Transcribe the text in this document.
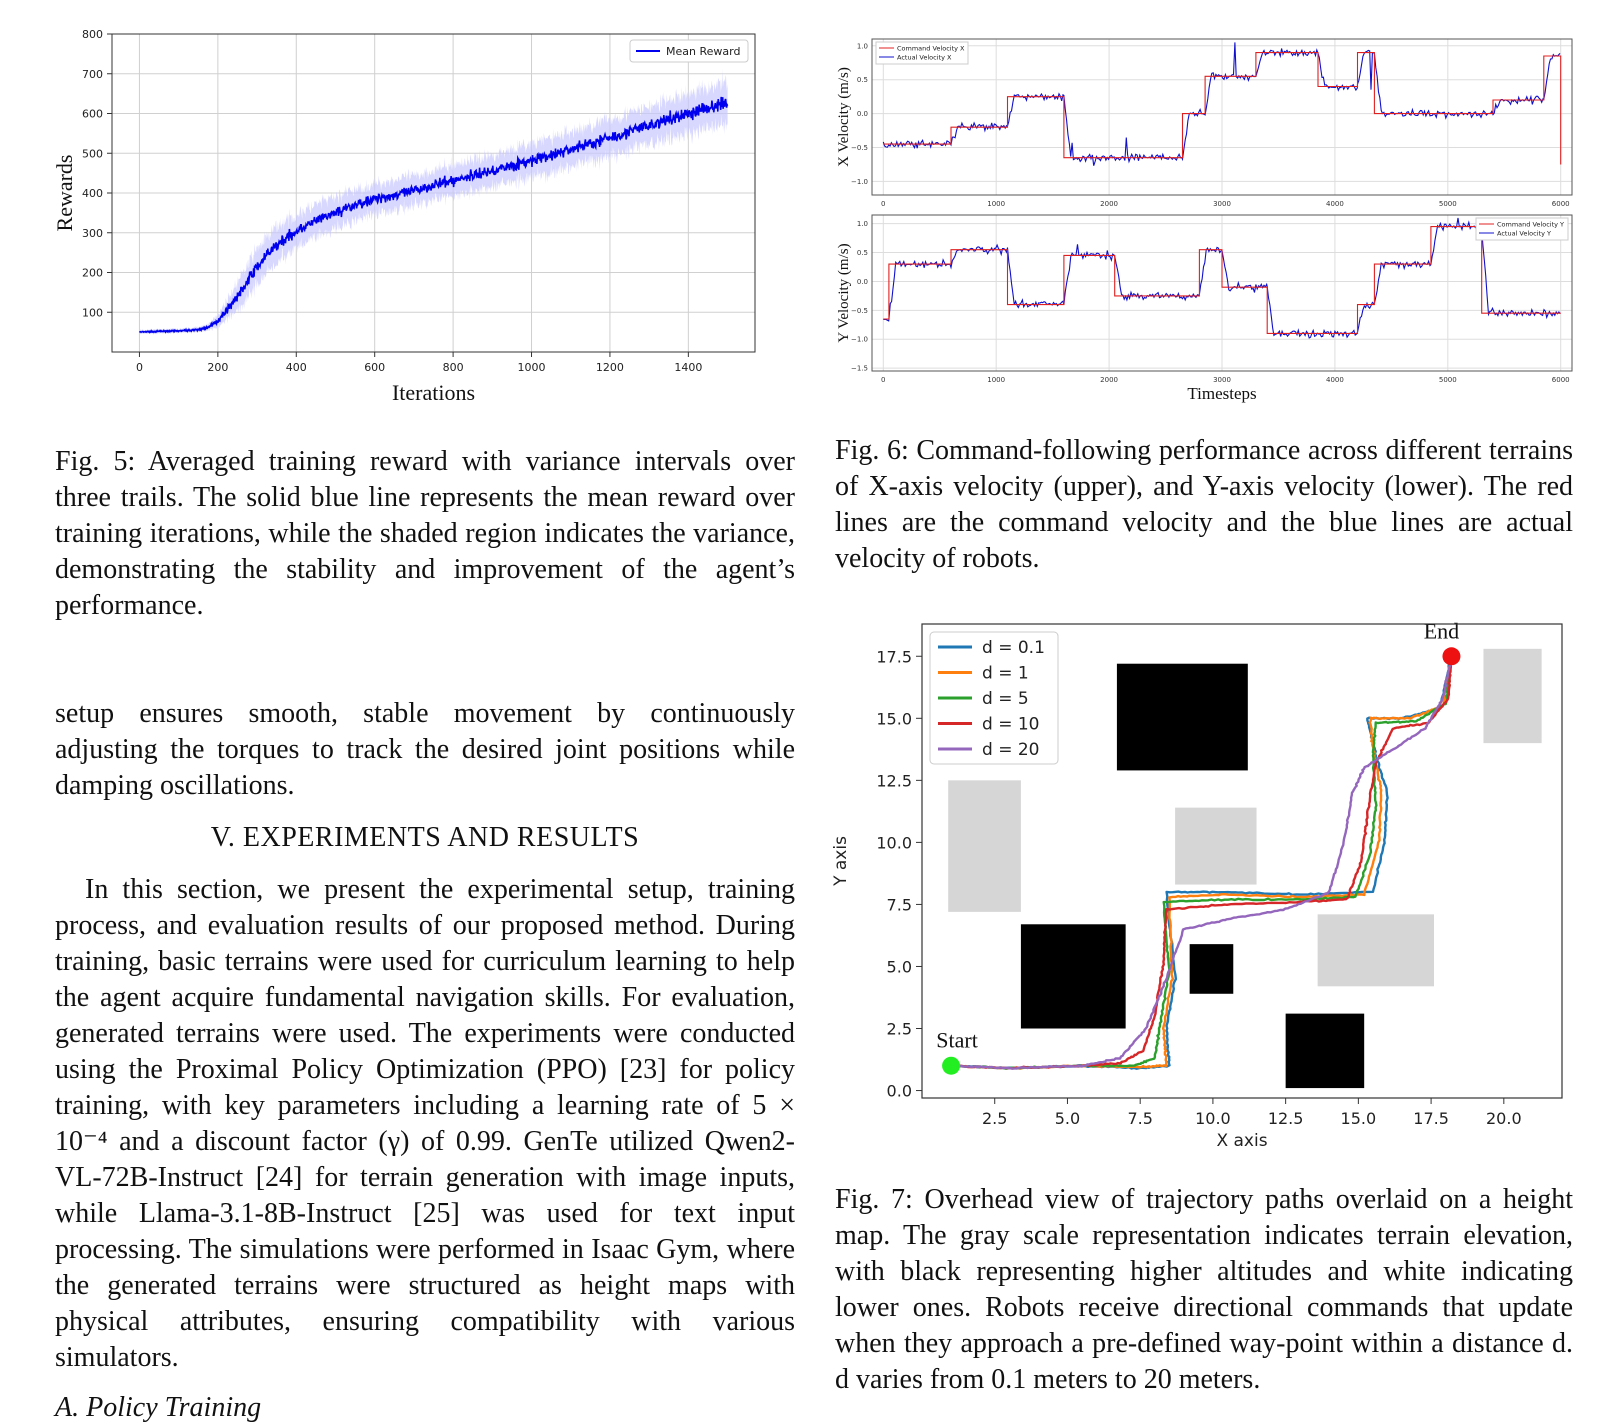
0	200	400	600	800	1000	1200	1400
100
200
300
400
500
600
700
800
Mean Reward
Iterations
Rewards	0	1000	2000	3000	4000	5000	6000
1.0
0.5
0.0
−0.5
−1.0
Command Velocity X
Actual Velocity X
X Velocity (m/s)
0	1000	2000	3000	4000	5000	6000
1.0
0.5
0.0
−0.5
−1.0
−1.5
Command Velocity Y
Actual Velocity Y
Y Velocity (m/s)
Timesteps
Start
End
2.5	5.0	7.5	10.0 12.5 15.0 17.5 20.0
0.0
2.5
5.0
7.5
10.0
12.5
15.0
17.5
X axis
Y axis
d = 0.1
d = 1
d = 5
d = 10
d = 20
Fig. 5: Averaged training reward with variance intervals over three trails. The solid blue line represents the mean reward over training iterations, while the shaded region indicates the variance, demonstrating the stability and improvement of the agent’s performance.
Fig. 6: Command-following performance across different terrains of X-axis velocity (upper), and Y-axis velocity (lower). The red lines are the command velocity and the blue lines are actual velocity of robots.
Fig. 7: Overhead view of trajectory paths overlaid on a height map. The gray scale representation indicates terrain elevation, with black representing higher altitudes and white indicating lower ones. Robots receive directional commands that update when they approach a pre-defined way-point within a distance d. d varies from 0.1 meters to 20 meters.
setup ensures smooth, stable movement by continuously adjusting the torques to track the desired joint positions while damping oscillations.
V. EXPERIMENTS AND RESULTS
In this section, we present the experimental setup, training process, and evaluation results of our proposed method. During training, basic terrains were used for curriculum learning to help the agent acquire fundamental navigation skills. For evaluation, generated terrains were used. The experiments were conducted using the Proximal Policy Optimization (PPO) [23] for policy training, with key parameters including a learning rate of 5 × 10⁻⁴ and a discount factor (γ) of 0.99. GenTe utilized Qwen2-VL-72B-Instruct [24] for terrain generation with image inputs, while Llama-3.1-8B-Instruct [25] was used for text input processing. The simulations were performed in Isaac Gym, where the generated terrains were structured as height maps with physical attributes, ensuring compatibility with various simulators.
A. Policy Training
